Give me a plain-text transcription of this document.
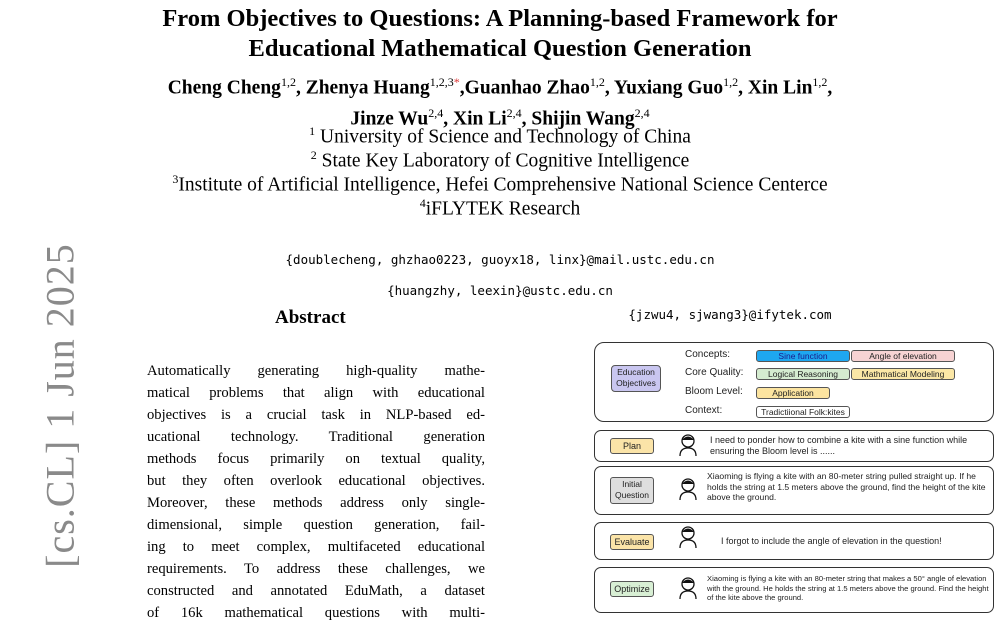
From Objectives to Questions: A Planning-based Framework for
Educational Mathematical Question Generation
Cheng Cheng$^{1,2}$, Zhenya Huang$^{1,2,3*}$,Guanhao Zhao$^{1,2}$, Yuxiang Guo$^{1,2}$, Xin Lin$^{1,2}$,
Jinze Wu$^{2,4}$, Xin Li$^{2,4}$, Shijin Wang$^{2,4}$
$^1$ University of Science and Technology of China
$^2$ State Key Laboratory of Cognitive Intelligence
$^3$Institute of Artificial Intelligence, Hefei Comprehensive National Science Centerce
$^4$iFLYTEK Research
{doublecheng, ghzhao0223, guoyx18, linx}@mail.ustc.edu.cn
{huangzhy, leexin}@ustc.edu.cn
{jzwu4, sjwang3}@ifytek.com
Abstract
[cs.CL] 1 Jun 2025	Automatically generating high-quality mathe-
matical problems that align with educational
objectives is a crucial task in NLP-based ed-
ucational technology. Traditional generation
methods focus primarily on textual quality,
but they often overlook educational objectives.
Moreover, these methods address only single-
dimensional, simple question generation, fail-
ing to meet complex, multifaceted educational
requirements. To address these challenges, we
constructed and annotated EduMath, a dataset
of 16k mathematical questions with multi-
Education Objectives
Concepts:	Sine function	Angle of elevation
Core Quality:	Logical Reasoning	Mathmatical Modeling
Bloom Level:	Application
Context:	Tradictiional Folk:kites
Plan
I need to ponder how to combine a kite with a sine function while ensuring the Bloom level is ......
Initial Question
Xiaoming is flying a kite with an 80-meter string pulled straight up. If he holds the string at 1.5 meters above the ground, find the height of the kite above the ground.
Evaluate	I forgot to include the angle of elevation in the question!
Optimize
Xiaoming is flying a kite with an 80-meter string that makes a 50° angle of elevation with the ground. He holds the string at 1.5 meters above the ground. Find the height of the kite above the ground.
